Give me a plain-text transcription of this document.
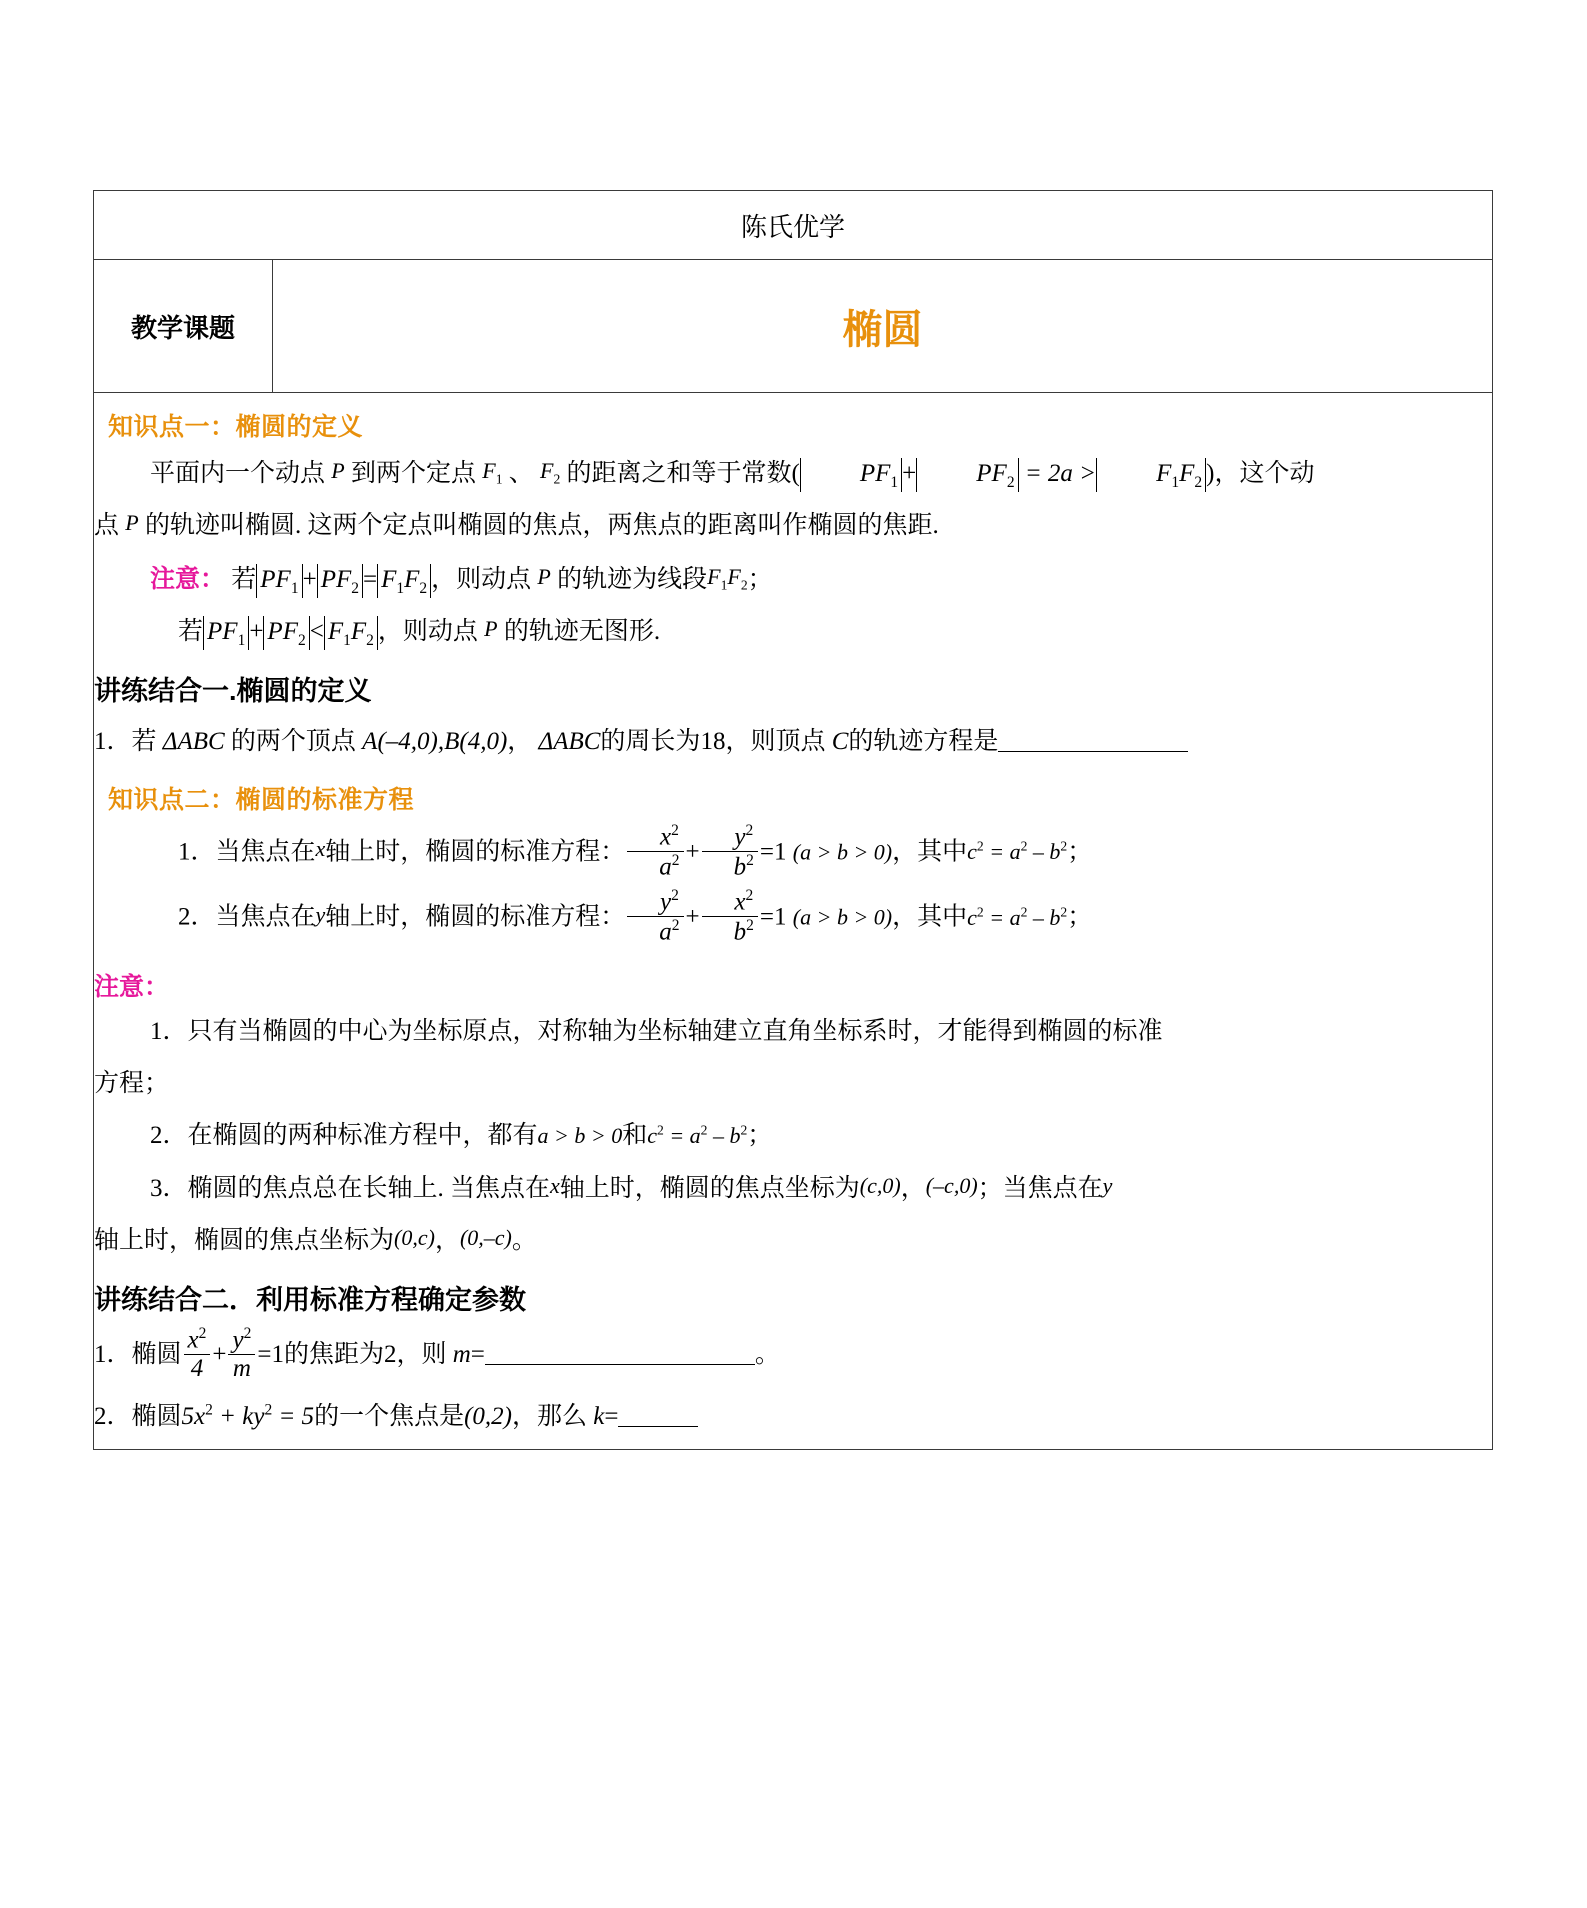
陈氏优学
教学课题	椭圆

知识点一：椭圆的定义
平面内一个动点 P 到两个定点 $F_1$ 、 $F_2$ 的距离之和等于常数( $PF_1 + PF_2 = 2a > F_1F_2$ )，这个动
点 P 的轨迹叫椭圆. 这两个定点叫椭圆的焦点，两焦点的距离叫作椭圆的焦距.
注意： 若 $PF_1 + PF_2 = F_1F_2$ ，则动点 P 的轨迹为线段$F_1F_2$；
若 $PF_1 + PF_2 < F_1F_2$ ，则动点 P 的轨迹无图形.
讲练结合一.椭圆的定义
1．若 ΔABC 的两个顶点 A(–4,0),B(4,0)， ΔABC的周长为18，则顶点 C的轨迹方程是
知识点二：椭圆的标准方程
1．当焦点在x轴上时，椭圆的标准方程： $\frac{x^2}{a^2} + \frac{y^2}{b^2} =1$ (a > b > 0)，其中$c^2 = a^2 - b^2$；
2．当焦点在y轴上时，椭圆的标准方程： $\frac{y^2}{a^2} + \frac{x^2}{b^2} =1$ (a > b > 0)，其中$c^2 = a^2 - b^2$；
注意：
1．只有当椭圆的中心为坐标原点，对称轴为坐标轴建立直角坐标系时，才能得到椭圆的标准
方程；
2．在椭圆的两种标准方程中，都有a > b > 0和$c^2 = a^2 - b^2$；
3．椭圆的焦点总在长轴上. 当焦点在x轴上时，椭圆的焦点坐标为(c,0)，(–c,0)；当焦点在y
轴上时，椭圆的焦点坐标为(0,c)，(0,–c)。
讲练结合二．利用标准方程确定参数
1．椭圆 $\frac{x^2}{4} + \frac{y^2}{m} =1$的焦距为2，则 m=	。
2．椭圆$5x^2 + ky^2 = 5$的一个焦点是(0,2)，那么 k=
